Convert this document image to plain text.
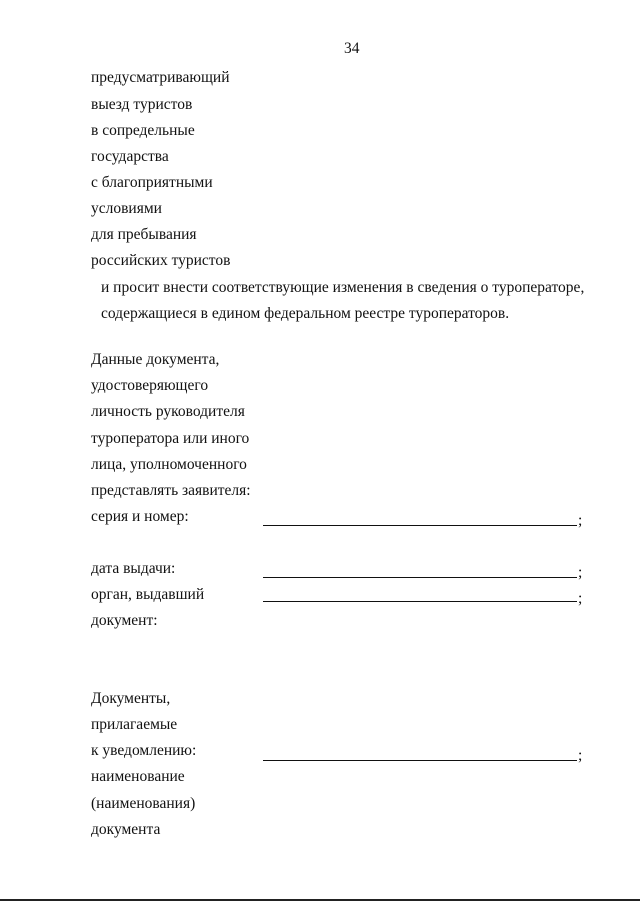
34
предусматривающий
выезд туристов
в сопредельные
государства
с благоприятными
условиями
для пребывания
российских туристов
и просит внести соответствующие изменения в сведения о туроператоре,
содержащиеся в едином федеральном реестре туроператоров.
Данные документа,
удостоверяющего
личность руководителя
туроператора или иного
лица, уполномоченного
представлять заявителя:
серия и номер:	;
дата выдачи:	;
орган, выдавший	;
документ:
Документы,
прилагаемые
к уведомлению:	;
наименование
(наименования)
документа
